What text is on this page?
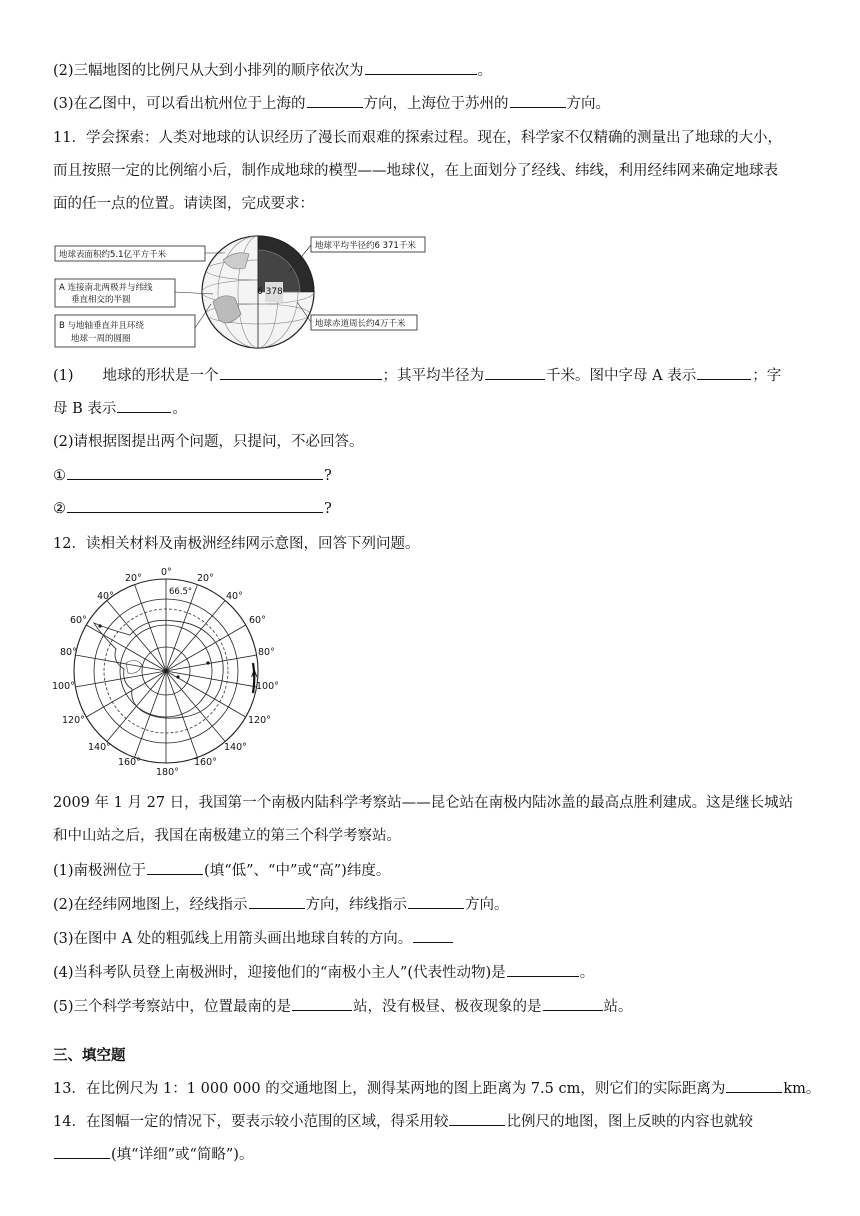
(2)三幅地图的比例尺从大到小排列的顺序依次为	。
(3)在乙图中，可以看出杭州位于上海的	方向，上海位于苏州的	方向。
11．学会探索：人类对地球的认识经历了漫长而艰难的探索过程。现在，科学家不仅精确的测量出了地球的大小，
而且按照一定的比例缩小后，制作成地球的模型——地球仪，在上面划分了经线、纬线，利用经纬网来确定地球表
面的任一点的位置。请读图，完成要求：
6 378
地球表面积约5.1亿平方千米
A 连接南北两极并与纬线
垂直相交的半圆
B 与地轴垂直并且环绕
地球一周的圆圈
地球平均半径约6 371千米
地球赤道周长约4万千米
(1)　　地球的形状是一个	；其平均半径为	千米。图中字母 A 表示	；字
母 B 表示	。
(2)请根据图提出两个问题，只提问，不必回答。
①	?
②	?
12．读相关材料及南极洲经纬网示意图，回答下列问题。
0°
20°	20°
40°	40°
66.5°
60°	60°
80°	80°
100°	100°
120°	120°
140°	140°
160°	160°
180°
A
2009 年 1 月 27 日，我国第一个南极内陆科学考察站——昆仑站在南极内陆冰盖的最高点胜利建成。这是继长城站
和中山站之后，我国在南极建立的第三个科学考察站。
(1)南极洲位于	(填“低”、“中”或“高”)纬度。
(2)在经纬网地图上，经线指示	方向，纬线指示	方向。
(3)在图中 A 处的粗弧线上用箭头画出地球自转的方向。
(4)当科考队员登上南极洲时，迎接他们的“南极小主人”(代表性动物)是	。
(5)三个科学考察站中，位置最南的是	站，没有极昼、极夜现象的是	站。
三、填空题
13．在比例尺为 1：1 000 000 的交通地图上，测得某两地的图上距离为 7.5 cm，则它们的实际距离为	km。
14．在图幅一定的情况下，要表示较小范围的区域，得采用较	比例尺的地图，图上反映的内容也就较
(填“详细”或“简略”)。
